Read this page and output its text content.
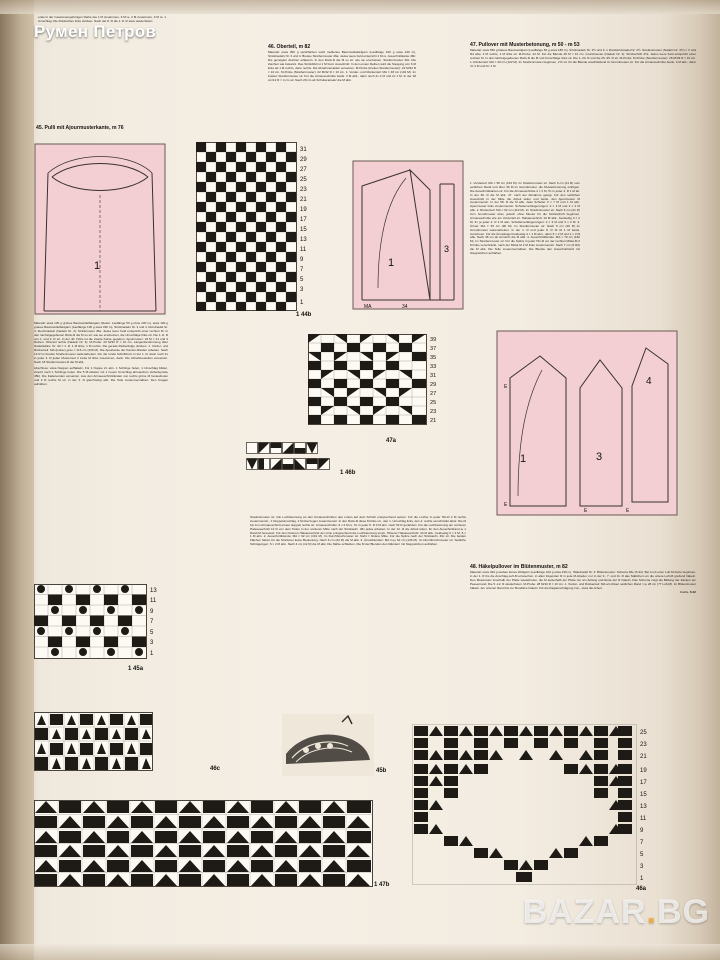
Румен Петров
ende in der zusammengehörigen Reihe wie 1 M zusammen, 3 M re, 2 M zusammen, 3 M re. 1 Umschlag. Die Rückreihen links stricken. Nach der 8. R die 1.-8. R stets wiederholen.
45. Pulli mit Ajourmusterkante, m 76
Material: etwa 130 g grünes Baumwolleffektgarn (Dekor, Lauflänge 50 g ohne 230 m), etwa 100 g graues Baumwolleffektgarn (Lauflänge 100 g etwa 330 m), Stricknadeln Nr. 3 und 4. Rundnadel Nr. 4. Zuschnadeln (Nadeln Nr. 4): Strickmuster 45a. Jedes leere Feld entspricht einer rechten M. In den nachstgegebenen Rück-R die M so str. wie sie erscheinen, die Umschläge links str. Die 1.-8. R von 1. und 2. R str. In der 40. Höhe ist die zweite Kante gegeben. Ajourmuster: 24 M = 21 und 4 Reihen. Oberteil rechts (Nadeln Nr. 3): M-Probe: 20 M/32 R = 10 cm. Längenbestimmung über Nadelstärke: Nr. 40 = 1. R. 1 M links, 1 M rechts. Die gerade Reihenfolge stricken. 1. Vorder- und Rückenteil: MA (locker) grau = 116 cm (230 M). Die Ajourkante der Kanten-Ränder arbeiten. Nach 14 R im breiten Streifenmuster weiterarbeiten. Für die runde Schnittform in der 1. R, dann noch 4x in jeder 4. R jeden Musterrest 2 Linke M links zusammen, dann. Die Abnahmestellen versetzen. Nach 18 Streifenmuster-R die M abk.
Abschluss: etwa Noppen aufhäkeln. Für 1 Noppe 2× abn. 1 Schlinge holen, 1 Umschlag bilden, zuletzt noch 1 Schlinge holen. Die 5 M-Glieder mit 1 neuen Umschlag abmaschen (Arbeitsprobe 45b). Die Fadenenden versetzen. Aus den Armausschnittränden von rechts grüne M herausholen und 2 R rechts M str. in der 3. R gleichzeitig abk. Die Teile zusammennähen. Den Kragen aufnähen.
46. Oberteil, m 82
Material: etwa 350 g sprühfarben weiß melliertes Baumwollefektgarn (Lauflänge 100 g etwa 240 m), Stricknadeln Nr. 3 und 4. Breites Streifenmuster 46a: Jedes leere Feld entspricht 1 M re. Ausschnittkante 46b: Die gezeigten Zeichen erläutern. In den Rück-R die M so str. wie sie erscheinen. Streifenmuster 46c: Die Zeichen wie bekannt. Das Strickbild ist 1 M breit. Ausschnitt: In den ersten Reihen wird die Steigung von 6 M links ab 1 M rechts, dann rechts. Die Abnahmestellen versetzen. M-Probe (breites Streifenmuster): 22 M/32 R = 10 cm. M-Probe (Streifenmuster): 22 M/32 R = 10 cm. 1. Vorder- und Rückenteil: MA = 48 cm (104 M). Im breiten Streifenmuster str. Für die Armausschnitte beids. 3 M abk., dann noch 2x 2 M und 2x 1 M. In der 18 cm/12 R = 4 cm str. Nach 28 cm ab Schulteransatz die M abk.
Streifenmuster str. Die Lochbetonung an den Armausschnitten den Linien auf dem Schnitt entsprechend setzen. Für die Löcher in jeder Hin-R 2 M rechts zusammenstr., 1 Doppelumschlag, 2 M überzogen zusammenstr. In den Rück-R diese M links str., den 1. Umschlag links, den 2. rechts verschränkt abstr. Die M bis zum Armausschnitt erneut doppelt rechts str. Armausschnitte: 9 x 2 M re. 6× in jeder 8. R 3 M abn. nach 52 R gerändert. Für die Lochbetonung am vorderen Halsausschnitt 12 R von dem Teilen in der vorderen Mitte nach der Strickaufn. 48x jedes arbeiten. In der 12. R die Arbeit teilen, für den Ausschnittrand je 1 Rand-M herausstr. Für den hinteren Halsausschnitt der Linie entsprechend die Lochbetonung einstr. Hinterer Halsausschnitt: 34 M abk., beidseitig 6 × 2 M, 8 × 1 M abn. 2. Ausschnittblende: MA = 92 cm (191 M). Im Durchbruchmuster str. Naht = hintere Mitte. Für die Spitze nach der Strickaufn. 46x str. Die beiden Flächen haben für die Strickerei keine Bedeutung. Nach 6 cm (22 R) die M abk. 3. Ärmelblenden: MA in je 62 cm (136 M). Im Durchbruchmuster str. Seitliche Schrägungen: 6 × 2 M abn. Nach 4 cm (12 R) die M abk. Die Nähte schließen. Die M der Blenden den Rändern mit Steppstichen aufnähen.
47. Pullover mit Musterbetonung, m 50 - m 53
Material: etwa 650 g blaues Baumwollgarn (Lauflänge 50 g etwa 180 m), Stricknadeln Nr. 2½ und 3, 1 Rundstricknadel Nr. 2½. Streifenmuster (Nadeln Nr. 3½) = V und Rd abw. 2 M rechts, 1 M links str. M-Probe: 22 M. Für die Blende 28 M = 10 cm. Grundmuster (Nadeln Nr. 3): Strickschrift 47a. Jedes leere Feld entspricht einer rechten M. In den nächstgegebenen Rück-R die M und Umschläge links str. Die 1.-24. R und die 25.-35. R str. M-Probe: M-Probe (Streifenmuster): 26 M/33 R = 10 cm. 1. Rückenteil: MA = 40 cm (122 M). Im Streifenmuster beginnen, 2 R str. für die Blende anschließend im Grundmuster str. Für die Armausschnitte beids. 3 M abk., dann 4× 2 M und 6× 1 M.
1. Vorderteil: MA = 58 cm (154 M). Im Streifenmuster str. Nach 6 cm (21 R) vom seitlichen Rand und über 36 M im Grundmuster, die Musterbetonung einfügen. Die Ausschnittkanten str. Für die Armausschnitte 4 × 2 M, 5× in jeder 4. R 1 M ab. In der 38. R die M abk. 47. nach der Abnahme gelegt. Für den seitlichen Ausschnitt in der Mitte die Arbeit teilen und beids. den Ajourmuster M zusammenstr. In der 58. R die M abk. Jede Schulter 3 × 7 M und 1 M abn. Ajourmuster links zusammenstr. Schulterverlängerungen: 2 × 3 M und 3 × 2 M abk. 2. Rückenteil: MA = 62 cm (119 M). Im Streifenmuster str. Nach 6 cm (21 R) zum Grundmuster über, jedoch ohne Muster für die Strickschrift beginnen. Armausschnitte wie am Vorderteil str. Halsausschnitt: 19 M abk., beidseitig 3 × 2 M, 3× je jeder 2. R 1 M abn. Schulterverlängerungen: 2 × 3 M und 3 × 2 M. 3. Ärmel: MA = 35 cm (90 M). Im Streifenmuster str. Nach 5 cm (26 R) im Grundmuster weiterarbeiten. In der 1. R und jeder 8. R 11 M 1 M beids. zunehmen. Für die Ärmelkugel beidseitig 4 × 1 M abn., dann 6 × 2 M und 1 × 3 M abk. Nach 38 cm ab Armloch die M abk. 4. Ausschnittblende: MA = 70 cm (182 M). Im Streifenmuster str. Für die Spitze in jeder Hin-R vor der rechten Mittel-M 2 M links verschränkt, nach der Mittel-M 2 M links zusammenstr. Nach 7 cm (6 Rd) die M abk. Die Teile zusammennähen. Die Blende den Ausschnittrand mit Steppstichen aufnähen.

48. Häkelpullover im Blütenmuster, m 82
Material: etwa 420 g weißes feines Wollgarn (Lauflänge 100 g etwa 230 m), Häkelnadel Nr. 3. Blütenmuster: Schema 48e (S.32). Bei A mit einer Luft-M-Kette beginnen, in der 1. R bis die Anschlag-Luft-M einstechen, in allen folgenden R in jede M-Glieder, nur in der 3., 7. und 11. R das Stäbchen um die untere Luft-M greifend häkeln. Den Mustersatz innerhalb der Pfeile wiederholen, die M außerhalb der Pfeile nur am Anfang und Ende der R häkeln. Das Schema zeigt die Bildung der Zacken am Passenrand. Die 5.-12. R wiederholen. M-Probe: 28 M/10 R = 10 cm. 1. Vorder- und Rückenteil: MA am linken seitlichen Rand = je 28 cm (77 Luft-M). Im Blütenmuster häkeln. Am unteren Rand bis zur Bundlinie häkeln. Für die Raglanschrägung zun., etwa die Arbeit.
Forts. S.32
1
31
29
27
25
23
21
19
17
15
13
11
9
7
5
3
1
1 44b
1
3
MA	34
39
37
35
33
31
29
27
25
23
21
47a
1 46b
1	3
4
E
E
E	E
13
11
9
7
5
3
1
1 45a
46c
1 47b
45b
25
23
21
19
17
15
13
11
9
7
5
3
1
46a
BAZAR.BG
